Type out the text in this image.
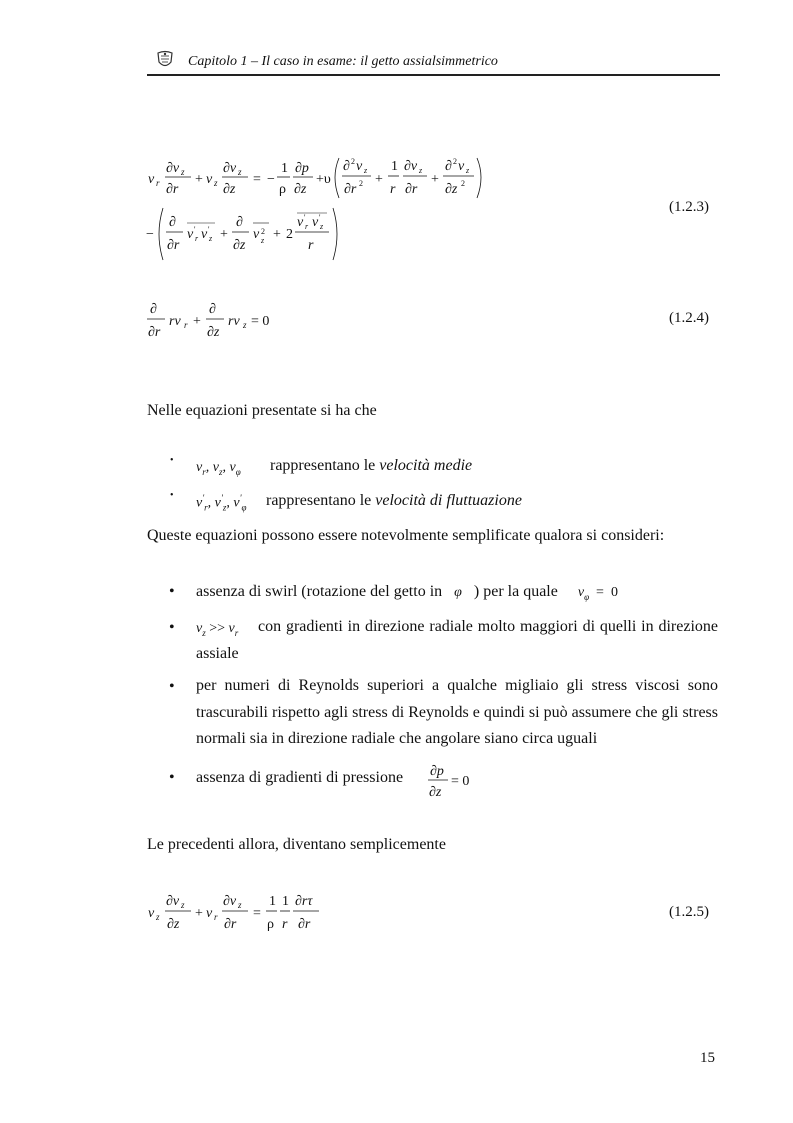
Capitolo 1 – Il caso in esame: il getto assialsimmetrico
v r
∂v z
∂r
+ v z
∂v z
∂z
= −
1
ρ
∂p
∂z
+υ
∂ 2 v z
∂r 2 +
1
r
∂v z
∂r
+
∂ 2 v z
∂z 2
−
∂
∂r
v r
' v z
' +
∂
∂z
v 2
z + 2
v r
' v z
'
r
(1.2.3)
∂
∂r
rv r +
∂
∂z
rv z = 0	(1.2.4)
Nelle equazioni presentate si ha che
• $v_r$, $v_z$, $v_\varphi$ rappresentano le velocità medie
•
$v'_r$, $v'_z$, $v'_\varphi$ rappresentano le velocità di fluttuazione
Queste equazioni possono essere notevolmente semplificate qualora si consideri:
• assenza di swirl (rotazione del getto in φ ) per la quale $v_\varphi = 0$
• $v_z >> v_r$	con gradienti in direzione radiale molto maggiori di quelli in direzione assiale
• per numeri di Reynolds superiori a qualche migliaio gli stress viscosi sono trascurabili rispetto agli stress di Reynolds e quindi si può assumere che gli stress normali sia in direzione radiale che angolare siano circa uguali
• assenza di gradienti di pressione ∂p
∂z
= 0
Le precedenti allora, diventano semplicemente
v z
∂v z
∂z
+ v r
∂v z
∂r
=
1
ρ
1
r
∂rτ
∂r
(1.2.5)
15
